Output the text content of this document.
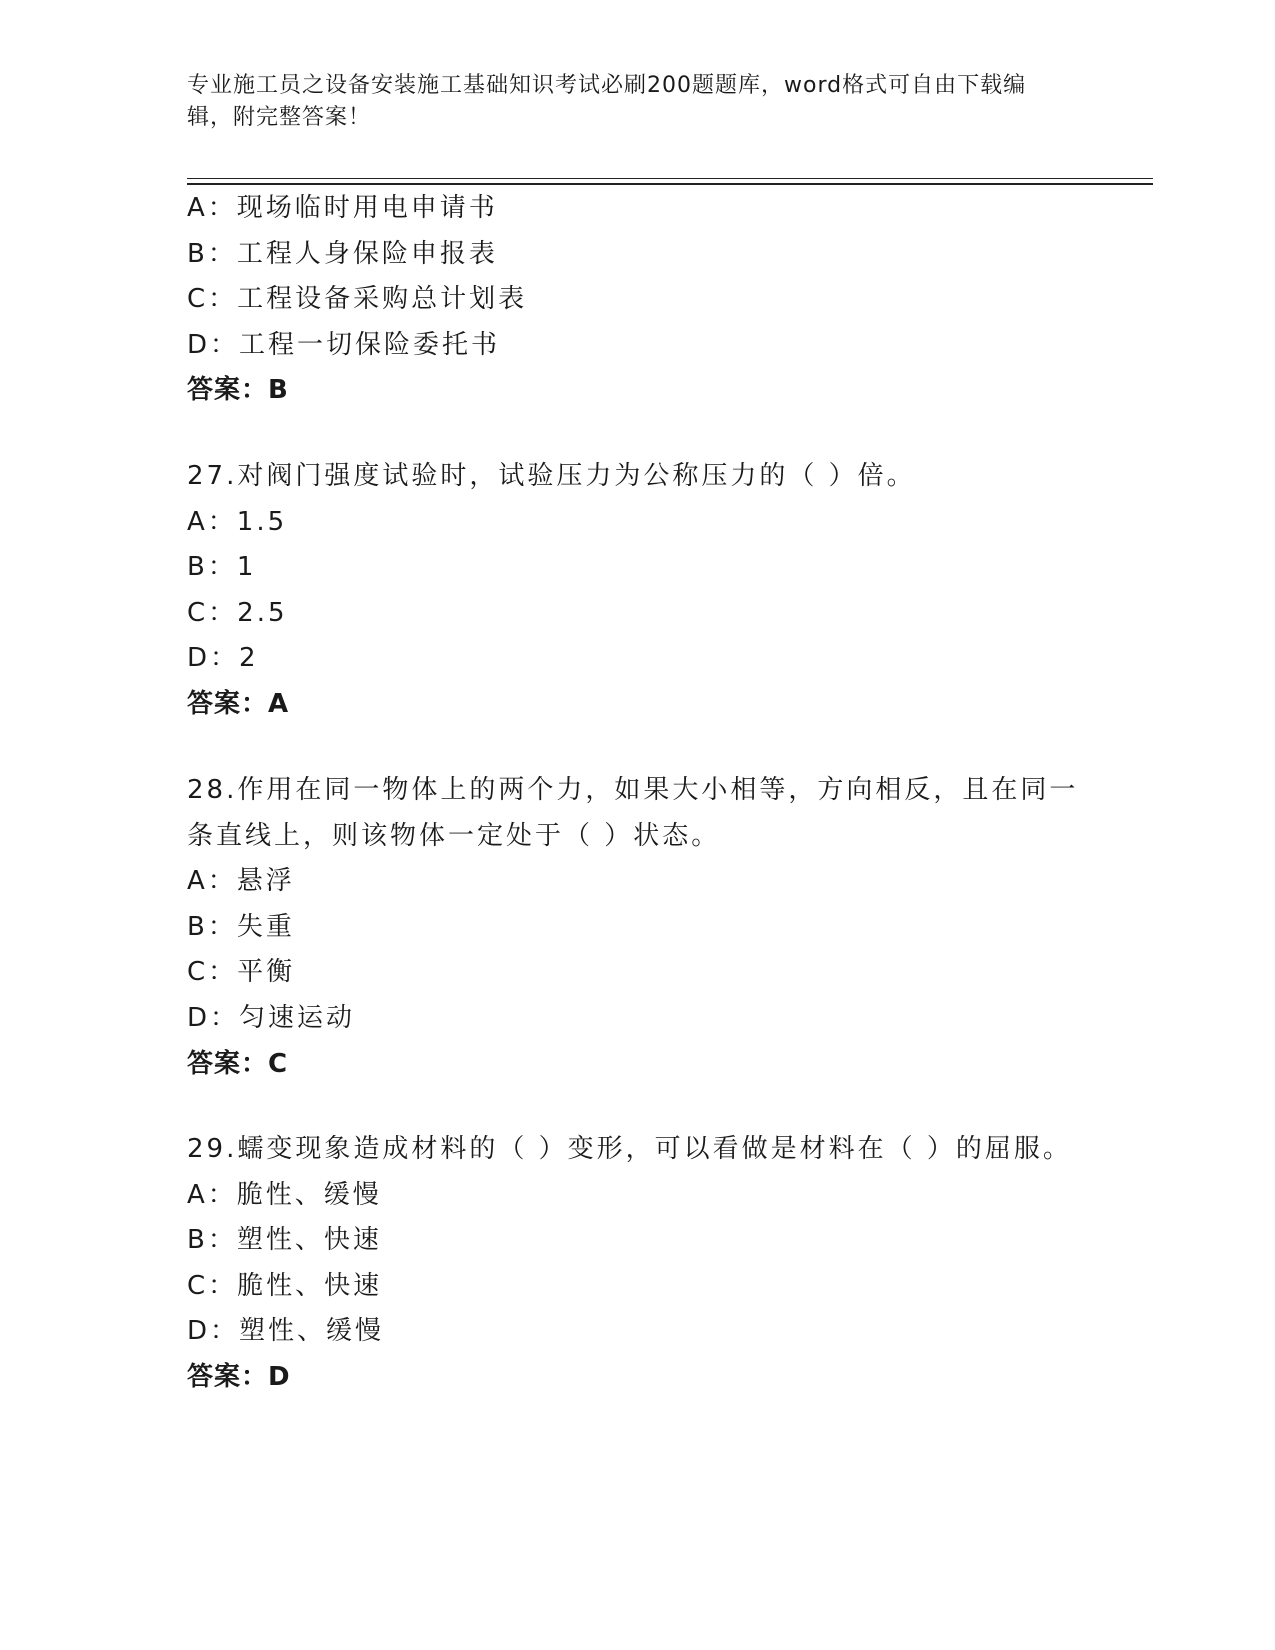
专业施工员之设备安装施工基础知识考试必刷200题题库，word格式可自由下载编辑，附完整答案！
A：现场临时用电申请书
B：工程人身保险申报表
C：工程设备采购总计划表
D：工程一切保险委托书
答案：B
27.对阀门强度试验时，试验压力为公称压力的（ ）倍。
A：1.5
B：1
C：2.5
D：2
答案：A
28.作用在同一物体上的两个力，如果大小相等，方向相反，且在同一条直线上，则该物体一定处于（ ）状态。
A：悬浮
B：失重
C：平衡
D：匀速运动
答案：C
29.蠕变现象造成材料的（ ）变形，可以看做是材料在（ ）的屈服。
A：脆性、缓慢
B：塑性、快速
C：脆性、快速
D：塑性、缓慢
答案：D
